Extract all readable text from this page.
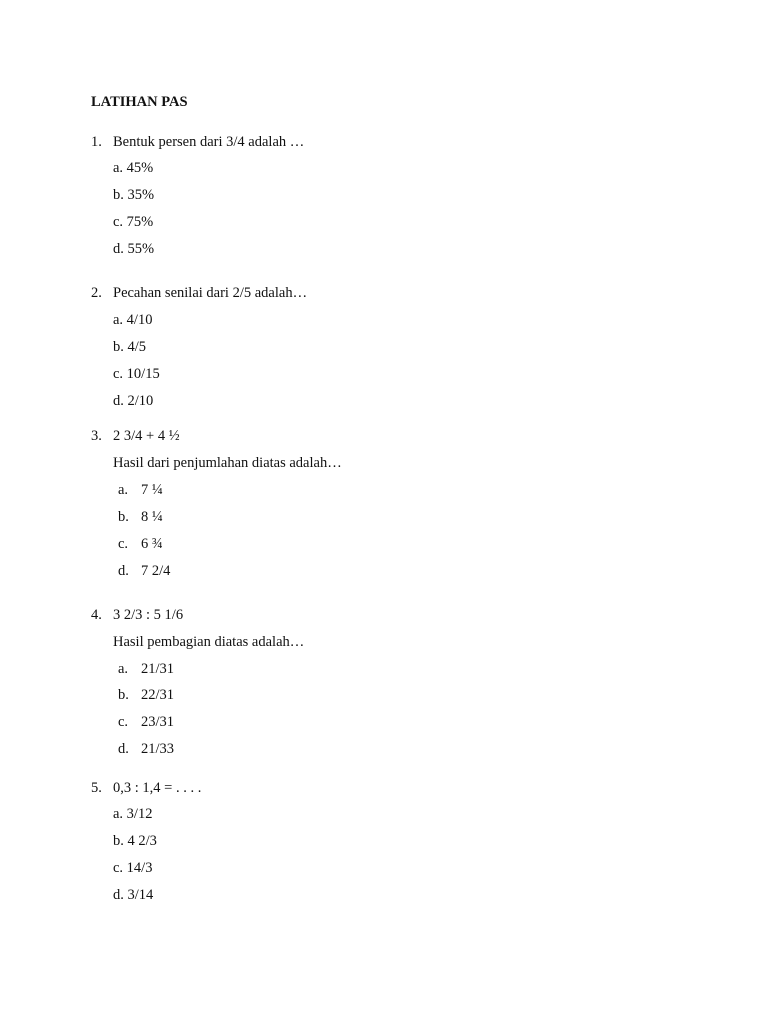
LATIHAN PAS
1. Bentuk persen dari 3/4 adalah …
a. 45%
b. 35%
c. 75%
d. 55%
2. Pecahan senilai dari 2/5 adalah…
a. 4/10
b. 4/5
c. 10/15
d. 2/10
3. 2 3/4 + 4 ½
Hasil dari penjumlahan diatas adalah…
a. 7 ¼
b. 8 ¼
c. 6 ¾
d. 7 2/4
4. 3 2/3 : 5 1/6
Hasil pembagian diatas adalah…
a. 21/31
b. 22/31
c. 23/31
d. 21/33
5. 0,3 : 1,4 = . . . .
a. 3/12
b. 4 2/3
c. 14/3
d. 3/14
